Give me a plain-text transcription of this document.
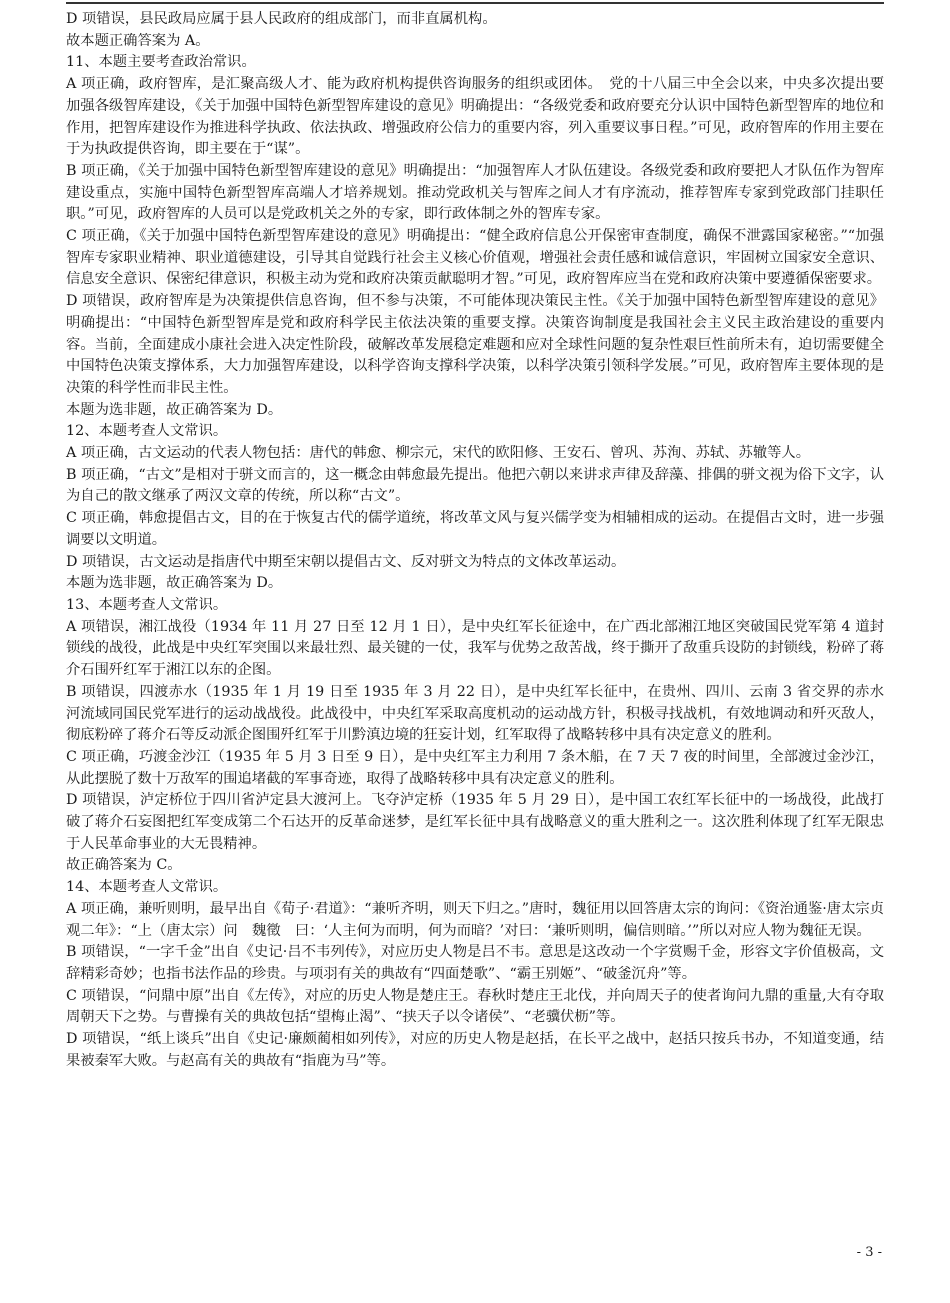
D 项错误，县民政局应属于县人民政府的组成部门，而非直属机构。

故本题正确答案为 A。

11、本题主要考查政治常识。

A 项正确，政府智库，是汇聚高级人才、能为政府机构提供咨询服务的组织或团体。　党的十八届三中全会以来，中央多次提出要加强各级智库建设，《关于加强中国特色新型智库建设的意见》明确提出：“各级党委和政府要充分认识中国特色新型智库的地位和作用，把智库建设作为推进科学执政、依法执政、增强政府公信力的重要内容，列入重要议事日程。”可见，政府智库的作用主要在于为执政提供咨询，即主要在于“谋”。

B 项正确，《关于加强中国特色新型智库建设的意见》明确提出：“加强智库人才队伍建设。各级党委和政府要把人才队伍作为智库建设重点，实施中国特色新型智库高端人才培养规划。推动党政机关与智库之间人才有序流动，推荐智库专家到党政部门挂职任职。”可见，政府智库的人员可以是党政机关之外的专家，即行政体制之外的智库专家。

C 项正确，《关于加强中国特色新型智库建设的意见》明确提出：“健全政府信息公开保密审查制度，确保不泄露国家秘密。”“加强智库专家职业精神、职业道德建设，引导其自觉践行社会主义核心价值观，增强社会责任感和诚信意识，牢固树立国家安全意识、信息安全意识、保密纪律意识，积极主动为党和政府决策贡献聪明才智。”可见，政府智库应当在党和政府决策中要遵循保密要求。

D 项错误，政府智库是为决策提供信息咨询，但不参与决策，不可能体现决策民主性。《关于加强中国特色新型智库建设的意见》明确提出：“中国特色新型智库是党和政府科学民主依法决策的重要支撑。决策咨询制度是我国社会主义民主政治建设的重要内容。当前，全面建成小康社会进入决定性阶段，破解改革发展稳定难题和应对全球性问题的复杂性艰巨性前所未有，迫切需要健全中国特色决策支撑体系，大力加强智库建设，以科学咨询支撑科学决策，以科学决策引领科学发展。”可见，政府智库主要体现的是决策的科学性而非民主性。

本题为选非题，故正确答案为 D。

12、本题考查人文常识。

A 项正确，古文运动的代表人物包括：唐代的韩愈、柳宗元，宋代的欧阳修、王安石、曾巩、苏洵、苏轼、苏辙等人。

B 项正确，“古文”是相对于骈文而言的，这一概念由韩愈最先提出。他把六朝以来讲求声律及辞藻、排偶的骈文视为俗下文字，认为自己的散文继承了两汉文章的传统，所以称“古文”。

C 项正确，韩愈提倡古文，目的在于恢复古代的儒学道统，将改革文风与复兴儒学变为相辅相成的运动。在提倡古文时，进一步强调要以文明道。

D 项错误，古文运动是指唐代中期至宋朝以提倡古文、反对骈文为特点的文体改革运动。

本题为选非题，故正确答案为 D。

13、本题考查人文常识。

A 项错误，湘江战役（1934 年 11 月 27 日至 12 月 1 日），是中央红军长征途中，在广西北部湘江地区突破国民党军第 4 道封锁线的战役，此战是中央红军突围以来最壮烈、最关键的一仗，我军与优势之敌苦战，终于撕开了敌重兵设防的封锁线，粉碎了蒋介石围歼红军于湘江以东的企图。

B 项错误，四渡赤水（1935 年 1 月 19 日至 1935 年 3 月 22 日），是中央红军长征中，在贵州、四川、云南 3 省交界的赤水河流域同国民党军进行的运动战战役。此战役中，中央红军采取高度机动的运动战方针，积极寻找战机，有效地调动和歼灭敌人，彻底粉碎了蒋介石等反动派企图围歼红军于川黔滇边境的狂妄计划，红军取得了战略转移中具有决定意义的胜利。

C 项正确，巧渡金沙江（1935 年 5 月 3 日至 9 日），是中央红军主力利用 7 条木船，在 7 天 7 夜的时间里，全部渡过金沙江，从此摆脱了数十万敌军的围追堵截的军事奇迹，取得了战略转移中具有决定意义的胜利。

D 项错误，泸定桥位于四川省泸定县大渡河上。飞夺泸定桥（1935 年 5 月 29 日），是中国工农红军长征中的一场战役，此战打破了蒋介石妄图把红军变成第二个石达开的反革命迷梦，是红军长征中具有战略意义的重大胜利之一。这次胜利体现了红军无限忠于人民革命事业的大无畏精神。

故正确答案为 C。

14、本题考查人文常识。

A 项正确，兼听则明，最早出自《荀子·君道》：“兼听齐明，则天下归之。”唐时，魏征用以回答唐太宗的询问：《资治通鉴·唐太宗贞观二年》：“上（唐太宗）问　魏徵　曰：‘人主何为而明，何为而暗？’对曰：‘兼听则明，偏信则暗。’”所以对应人物为魏征无误。

B 项错误，“一字千金”出自《史记·吕不韦列传》，对应历史人物是吕不韦。意思是这改动一个字赏赐千金，形容文字价值极高，文辞精彩奇妙；也指书法作品的珍贵。与项羽有关的典故有“四面楚歌”、“霸王别姬”、“破釜沉舟”等。

C 项错误，“问鼎中原”出自《左传》，对应的历史人物是楚庄王。春秋时楚庄王北伐，并向周天子的使者询问九鼎的重量,大有夺取周朝天下之势。与曹操有关的典故包括“望梅止渴”、“挟天子以令诸侯”、“老骥伏枥”等。

D 项错误，“纸上谈兵”出自《史记·廉颇蔺相如列传》，对应的历史人物是赵括，在长平之战中，赵括只按兵书办，不知道变通，结果被秦军大败。与赵高有关的典故有“指鹿为马”等。

- 3 -
